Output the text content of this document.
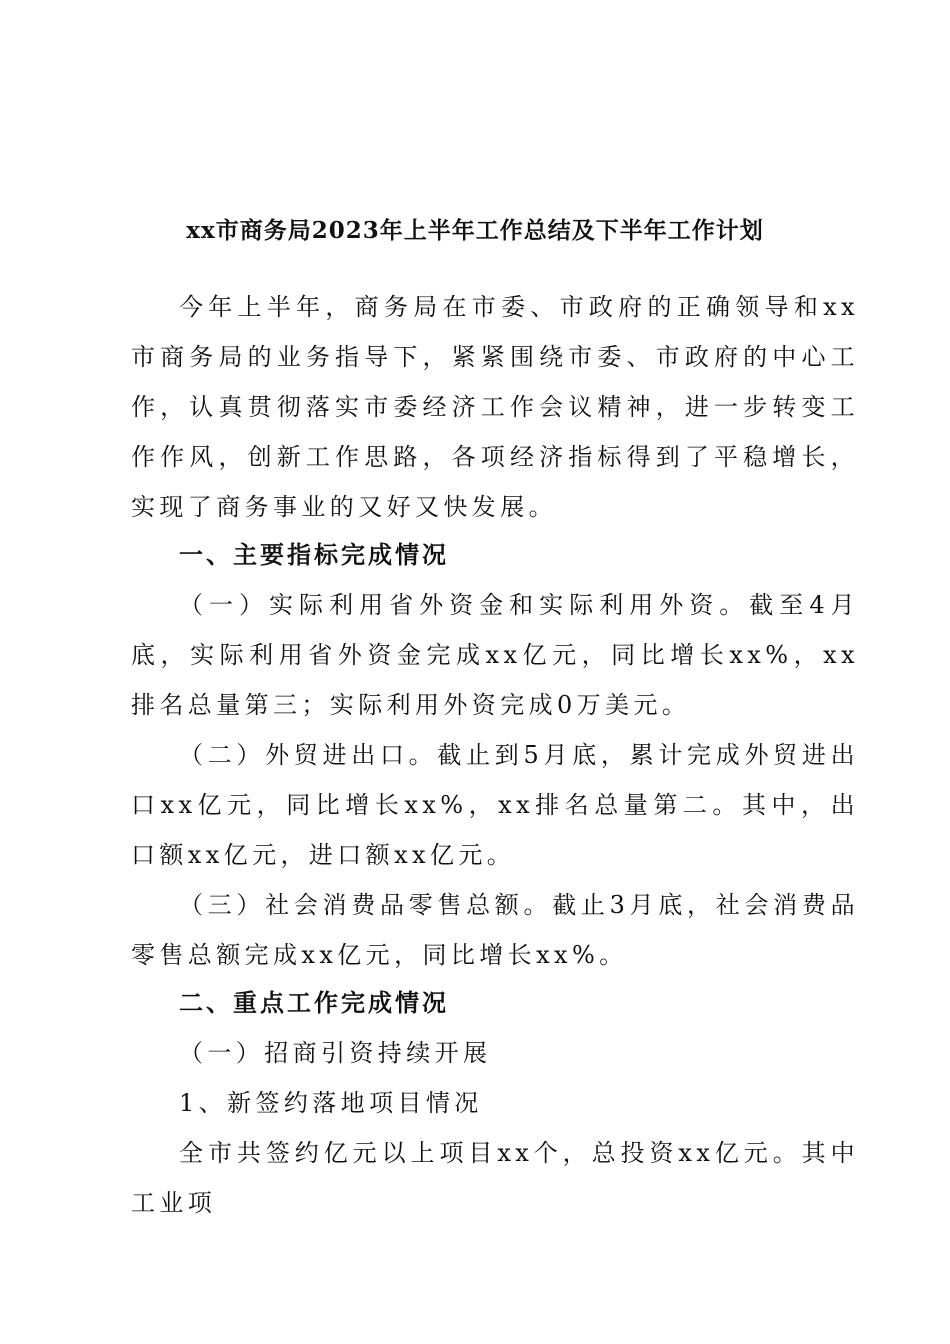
xx市商务局2023年上半年工作总结及下半年工作计划

今年上半年，商务局在市委、市政府的正确领导和xx市商务局的业务指导下，紧紧围绕市委、市政府的中心工作，认真贯彻落实市委经济工作会议精神，进一步转变工作作风，创新工作思路，各项经济指标得到了平稳增长，实现了商务事业的又好又快发展。

一、主要指标完成情况

（一）实际利用省外资金和实际利用外资。截至4月底，实际利用省外资金完成xx亿元，同比增长xx%，xx排名总量第三；实际利用外资完成0万美元。

（二）外贸进出口。截止到5月底，累计完成外贸进出口xx亿元，同比增长xx%，xx排名总量第二。其中，出口额xx亿元，进口额xx亿元。

（三）社会消费品零售总额。截止3月底，社会消费品零售总额完成xx亿元，同比增长xx%。

二、重点工作完成情况

（一）招商引资持续开展

1、新签约落地项目情况

全市共签约亿元以上项目xx个，总投资xx亿元。其中工业项
